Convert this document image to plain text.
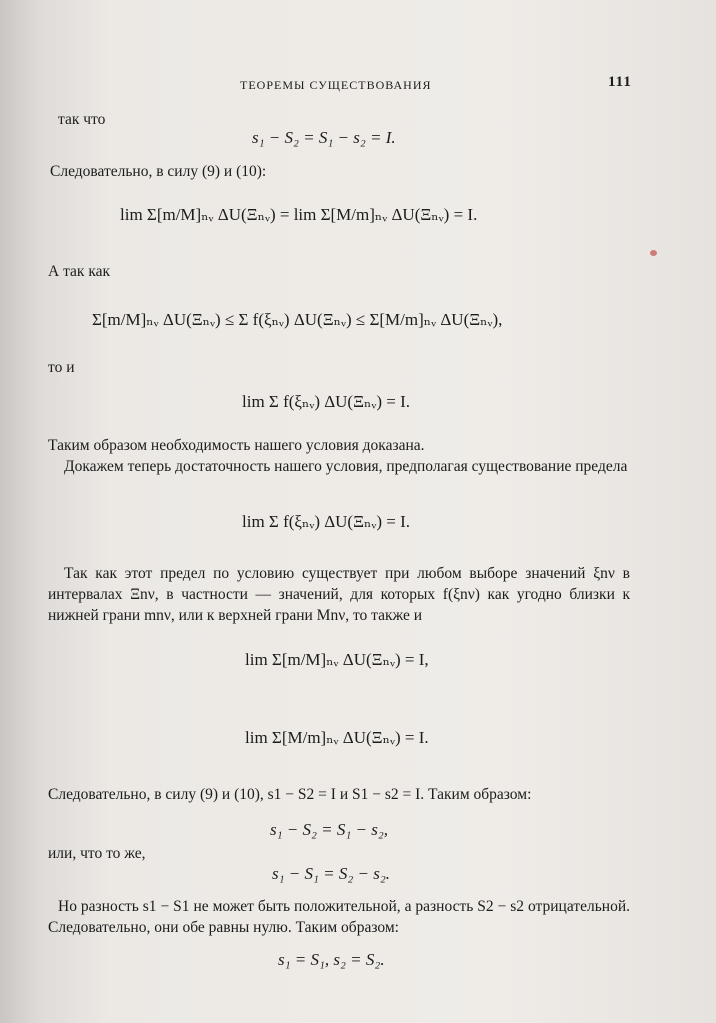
ТЕОРЕМЫ СУЩЕСТВОВАНИЯ	111
так что
s₁ − S₂ = S₁ − s₂ = I.
Следовательно, в силу (9) и (10):
lim Σ[m/M]ₙᵥ ΔU(Ξₙᵥ) = lim Σ[M/m]ₙᵥ ΔU(Ξₙᵥ) = I.
А так как
Σ[m/M]ₙᵥ ΔU(Ξₙᵥ) ≤ Σ f(ξₙᵥ) ΔU(Ξₙᵥ) ≤ Σ[M/m]ₙᵥ ΔU(Ξₙᵥ),
то и
lim Σ f(ξₙᵥ) ΔU(Ξₙᵥ) = I.
Таким образом необходимость нашего условия доказана.
Докажем теперь достаточность нашего условия, предполагая существование предела
lim Σ f(ξₙᵥ) ΔU(Ξₙᵥ) = I.
Так как этот предел по условию существует при любом выборе значений ξnν в интервалах Ξnν, в частности — значений, для которых f(ξnν) как угодно близки к нижней грани mnν, или к верхней грани Mnν, то также и
lim Σ[m/M]ₙᵥ ΔU(Ξₙᵥ) = I,
lim Σ[M/m]ₙᵥ ΔU(Ξₙᵥ) = I.
Следовательно, в силу (9) и (10), s1 − S2 = I и S1 − s2 = I. Таким образом:
s₁ − S₂ = S₁ − s₂,
или, что то же,
s₁ − S₁ = S₂ − s₂.
Но разность s1 − S1 не может быть положительной, а разность S2 − s2 отрицательной. Следовательно, они обе равны нулю. Таким образом:
s₁ = S₁, s₂ = S₂.
